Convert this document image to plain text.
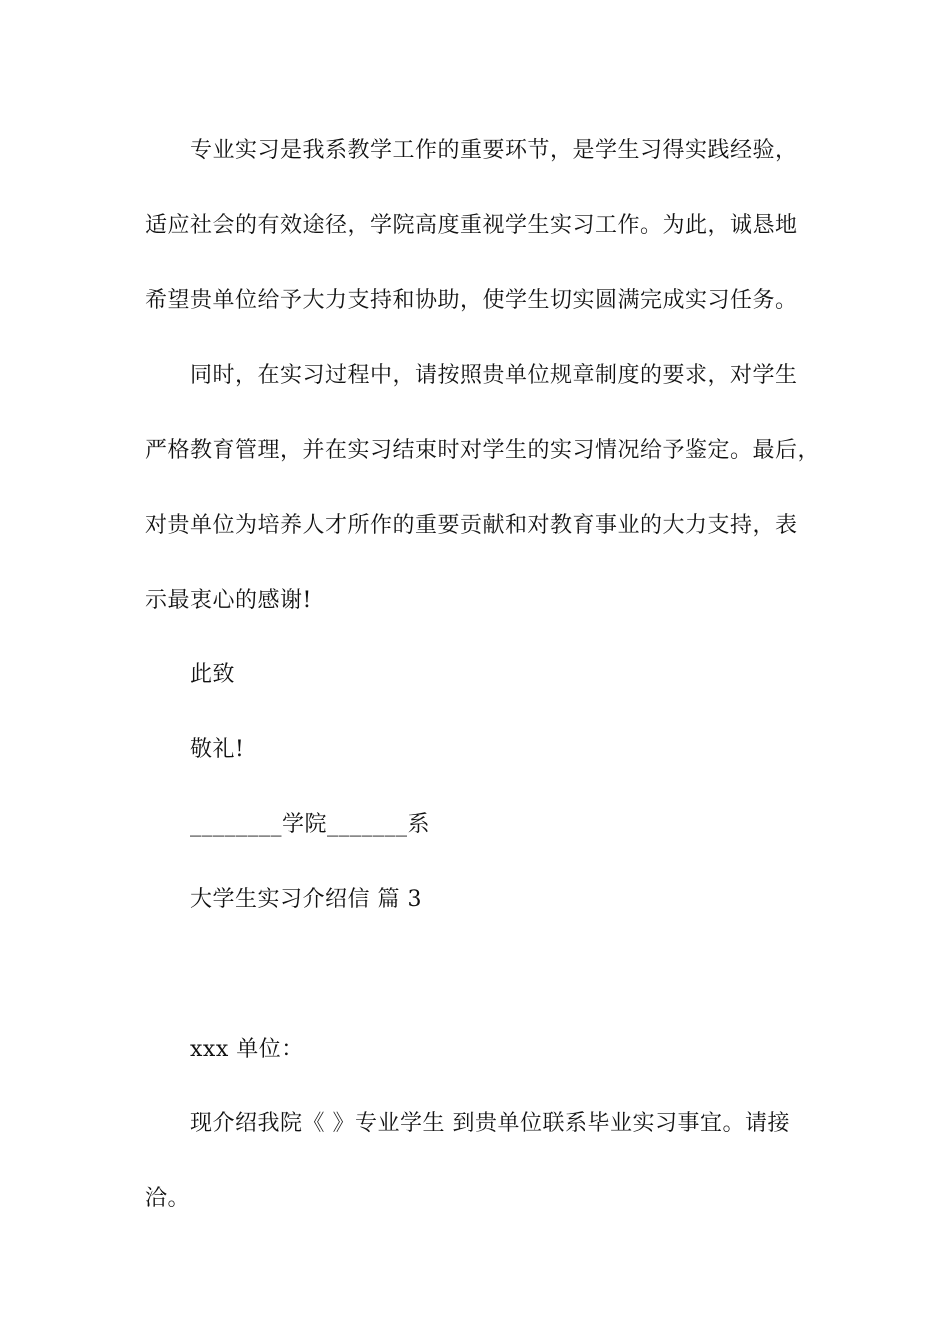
专业实习是我系教学工作的重要环节，是学生习得实践经验，
适应社会的有效途径，学院高度重视学生实习工作。为此，诚恳地
希望贵单位给予大力支持和协助，使学生切实圆满完成实习任务。
同时，在实习过程中，请按照贵单位规章制度的要求，对学生
严格教育管理，并在实习结束时对学生的实习情况给予鉴定。最后，
对贵单位为培养人才所作的重要贡献和对教育事业的大力支持，表
示最衷心的感谢!
此致
敬礼!
________学院_______系
大学生实习介绍信 篇 3
xxx 单位：
现介绍我院《 》专业学生 到贵单位联系毕业实习事宜。请接
洽。
